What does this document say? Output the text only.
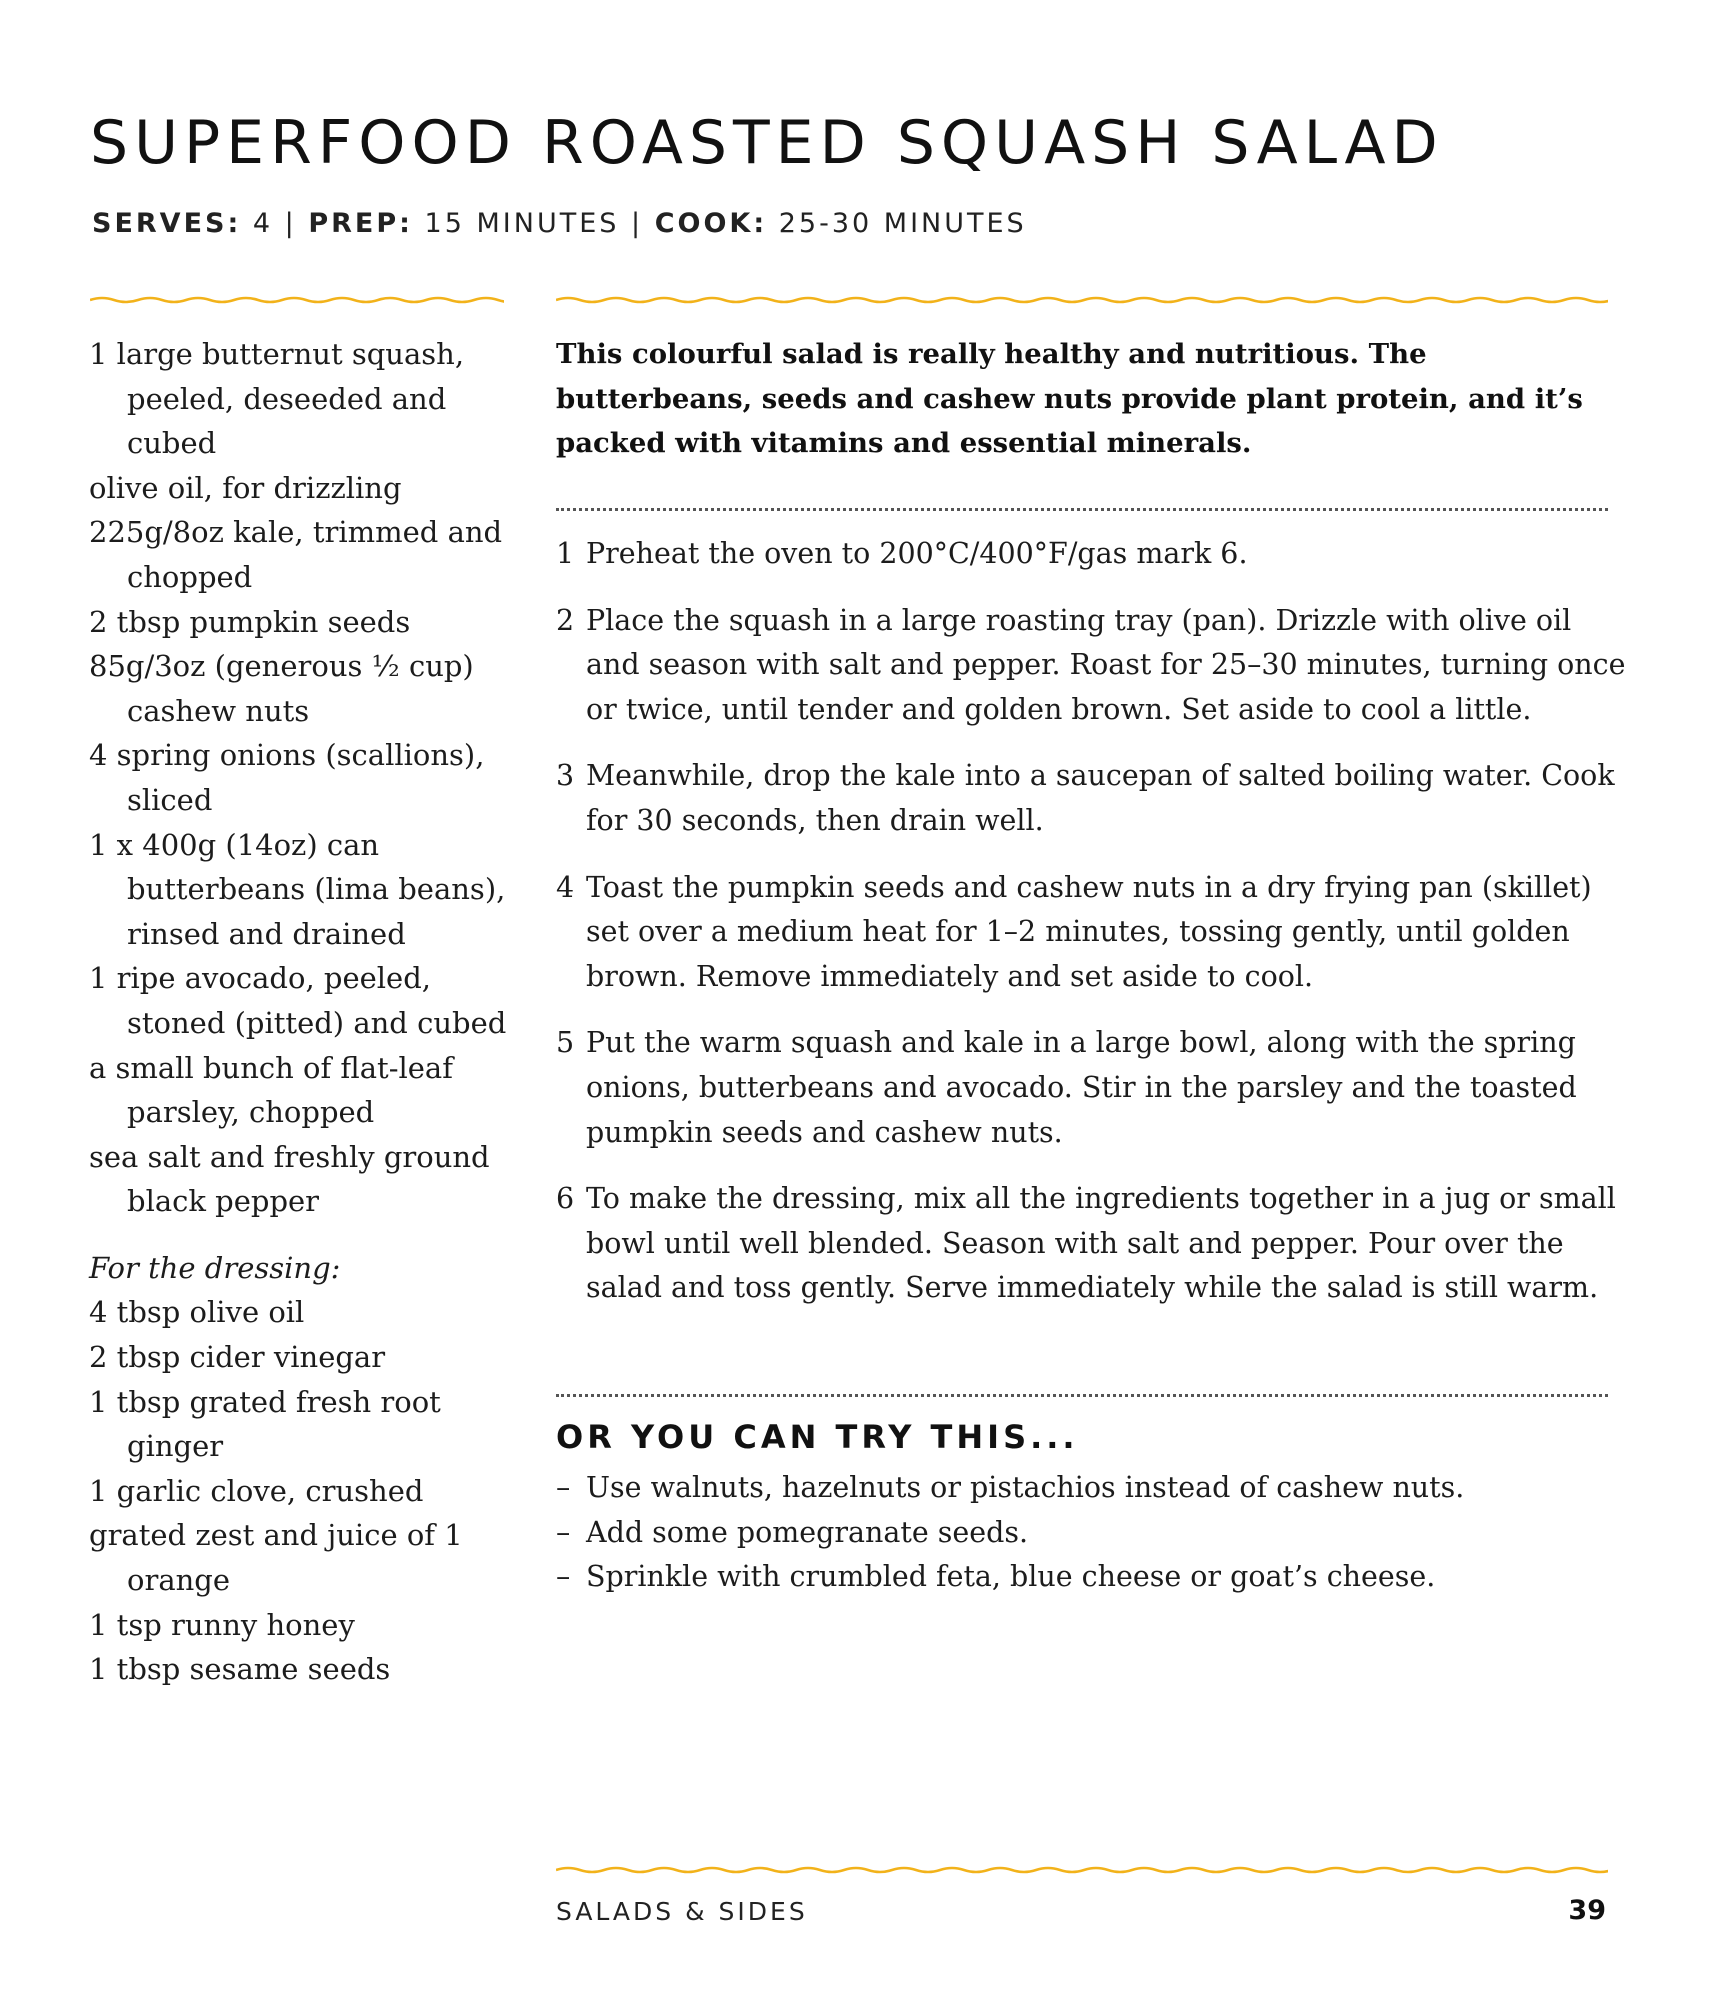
SUPERFOOD ROASTED SQUASH SALAD
SERVES: 4 | PREP: 15 MINUTES | COOK: 25-30 MINUTES
1 large butternut squash, peeled, deseeded and cubed
olive oil, for drizzling
225g/8oz kale, trimmed and chopped
2 tbsp pumpkin seeds
85g/3oz (generous ½ cup) cashew nuts
4 spring onions (scallions), sliced
1 x 400g (14oz) can butterbeans (lima beans), rinsed and drained
1 ripe avocado, peeled, stoned (pitted) and cubed
a small bunch of flat-leaf parsley, chopped
sea salt and freshly ground black pepper
For the dressing:
4 tbsp olive oil
2 tbsp cider vinegar
1 tbsp grated fresh root ginger
1 garlic clove, crushed
grated zest and juice of 1 orange
1 tsp runny honey
1 tbsp sesame seeds

This colourful salad is really healthy and nutritious. The butterbeans, seeds and cashew nuts provide plant protein, and it’s packed with vitamins and essential minerals.

1 Preheat the oven to 200°C/400°F/gas mark 6.
2 Place the squash in a large roasting tray (pan). Drizzle with olive oil and season with salt and pepper. Roast for 25–30 minutes, turning once or twice, until tender and golden brown. Set aside to cool a little.
3 Meanwhile, drop the kale into a saucepan of salted boiling water. Cook for 30 seconds, then drain well.
4 Toast the pumpkin seeds and cashew nuts in a dry frying pan (skillet) set over a medium heat for 1–2 minutes, tossing gently, until golden brown. Remove immediately and set aside to cool.
5 Put the warm squash and kale in a large bowl, along with the spring onions, butterbeans and avocado. Stir in the parsley and the toasted pumpkin seeds and cashew nuts.
6 To make the dressing, mix all the ingredients together in a jug or small bowl until well blended. Season with salt and pepper. Pour over the salad and toss gently. Serve immediately while the salad is still warm.
OR YOU CAN TRY THIS...
– Use walnuts, hazelnuts or pistachios instead of cashew nuts.
– Add some pomegranate seeds.
– Sprinkle with crumbled feta, blue cheese or goat’s cheese.
SALADS & SIDES	39
